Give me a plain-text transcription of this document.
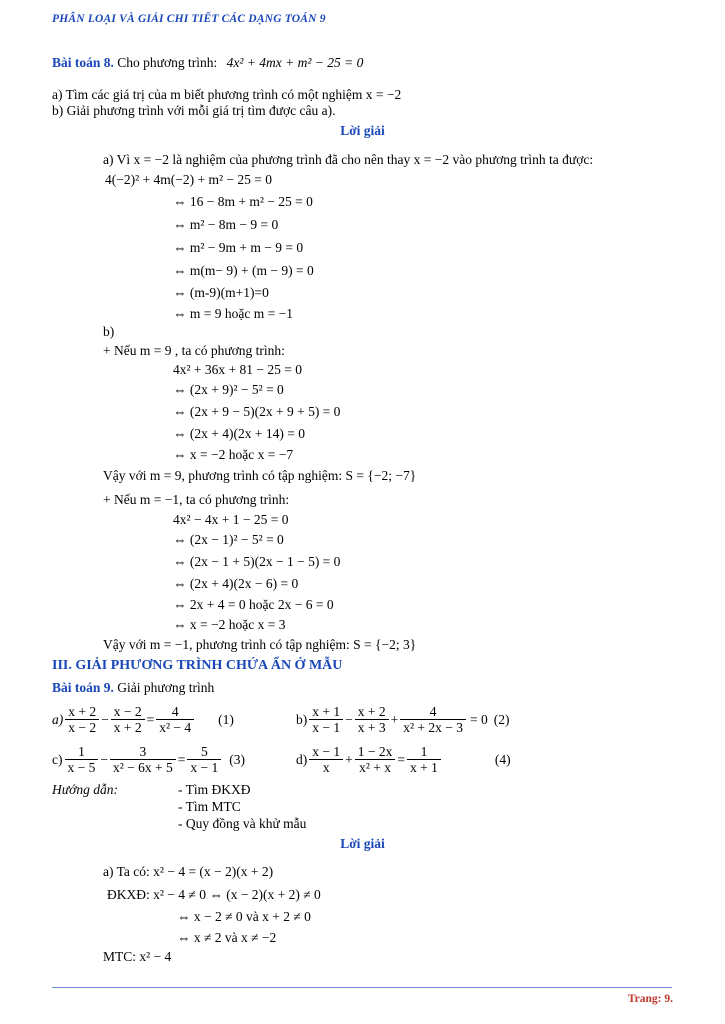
PHÂN LOẠI VÀ GIẢI CHI TIẾT CÁC DẠNG TOÁN 9
Bài toán 8. Cho phương trình: 4x² + 4mx + m² − 25 = 0
a) Tìm các giá trị của m biết phương trình có một nghiệm x = −2
b) Giải phương trình với mỗi giá trị tìm được câu a).
Lời giải
a) Vì x = −2 là nghiệm của phương trình đã cho nên thay x = −2 vào phương trình ta được:
4(−2)² + 4m(−2) + m² − 25 = 0
⇔ 16 − 8m + m² − 25 = 0
⇔ m² − 8m − 9 = 0
⇔ m² − 9m + m − 9 = 0
⇔ m(m− 9) + (m − 9) = 0
⇔ (m-9)(m+1)=0
⇔ m = 9 hoặc m = −1
b)
+ Nếu m = 9 , ta có phương trình:
4x² + 36x + 81 − 25 = 0
⇔ (2x + 9)² − 5² = 0
⇔ (2x + 9 − 5)(2x + 9 + 5) = 0
⇔ (2x + 4)(2x + 14) = 0
⇔ x = −2 hoặc x = −7
Vậy với m = 9, phương trình có tập nghiệm: S = {−2; −7}
+ Nếu m = −1, ta có phương trình:
4x² − 4x + 1 − 25 = 0
⇔ (2x − 1)² − 5² = 0
⇔ (2x − 1 + 5)(2x − 1 − 5) = 0
⇔ (2x + 4)(2x − 6) = 0
⇔ 2x + 4 = 0 hoặc 2x − 6 = 0
⇔ x = −2 hoặc x = 3
Vậy với m = −1, phương trình có tập nghiệm: S = {−2; 3}
III. GIẢI PHƯƠNG TRÌNH CHỨA ẨN Ở MẪU
Bài toán 9. Giải phương trình
$a) \frac{x + 2}{x - 2} - \frac{x - 2}{x + 2} = \frac{4}{\text{x² − 4}} (1)$	$b) \frac{x + 1}{x - 1} - \frac{x + 2}{x + 3} + \frac{4}{\text{x² + 2x − 3}} = 0$ (2)
$c) \frac{1}{x - 5} - \frac{3}{\text{x² − 6x + 5}} = \frac{5}{x - 1} (3)$	$d) \frac{x - 1}{x} + \frac{1 - 2x}{\text{x² + x}} = \frac{1}{x + 1}$	(4)
Hướng dẫn:	- Tìm ĐKXĐ
- Tìm MTC
- Quy đồng và khử mẫu
Lời giải
a) Ta có: x² − 4 = (x − 2)(x + 2)
ĐKXĐ: x² − 4 ≠ 0 ⇔ (x − 2)(x + 2) ≠ 0
⇔ x − 2 ≠ 0 và x + 2 ≠ 0
⇔ x ≠ 2 và x ≠ −2
MTC: x² − 4
Trang: 9.
